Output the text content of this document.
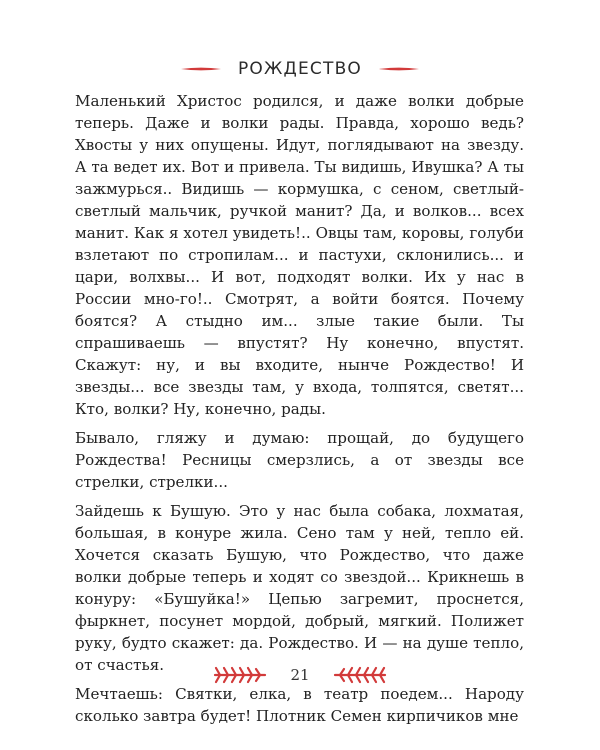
РОЖДЕСТВО

Маленький Христос родился, и даже волки добрые теперь. Даже и волки рады. Правда, хорошо ведь? Хвосты у них опущены. Идут, поглядывают на звезду. А та ведет их. Вот и привела. Ты видишь, Ивушка? А ты зажмурься.. Видишь — кормушка, с сеном, светлый-светлый мальчик, ручкой манит? Да, и волков... всех манит. Как я хотел увидеть!.. Овцы там, коровы, голуби взлетают по стропилам... и пастухи, склонились... и цари, волхвы... И вот, подходят волки. Их у нас в России мно-го!.. Смотрят, а войти боятся. Почему боятся? А стыдно им... злые такие были. Ты спрашиваешь — впустят? Ну конечно, впустят. Скажут: ну, и вы входите, нынче Рождество! И звезды... все звезды там, у входа, толпятся, светят... Кто, волки? Ну, конечно, рады.

Бывало, гляжу и думаю: прощай, до будущего Рождества! Ресницы смерзлись, а от звезды все стрелки, стрелки...

Зайдешь к Бушую. Это у нас была собака, лохматая, большая, в конуре жила. Сено там у ней, тепло ей. Хочется сказать Бушую, что Рождество, что даже волки добрые теперь и ходят со звездой... Крикнешь в конуру: «Бушуйка!» Цепью загремит, проснется, фыркнет, посунет мордой, добрый, мягкий. Полижет руку, будто скажет: да. Рождество. И — на душе тепло, от счастья.

Мечтаешь: Святки, елка, в театр поедем... Народу сколько завтра будет! Плотник Семен кирпичиков мне

21
